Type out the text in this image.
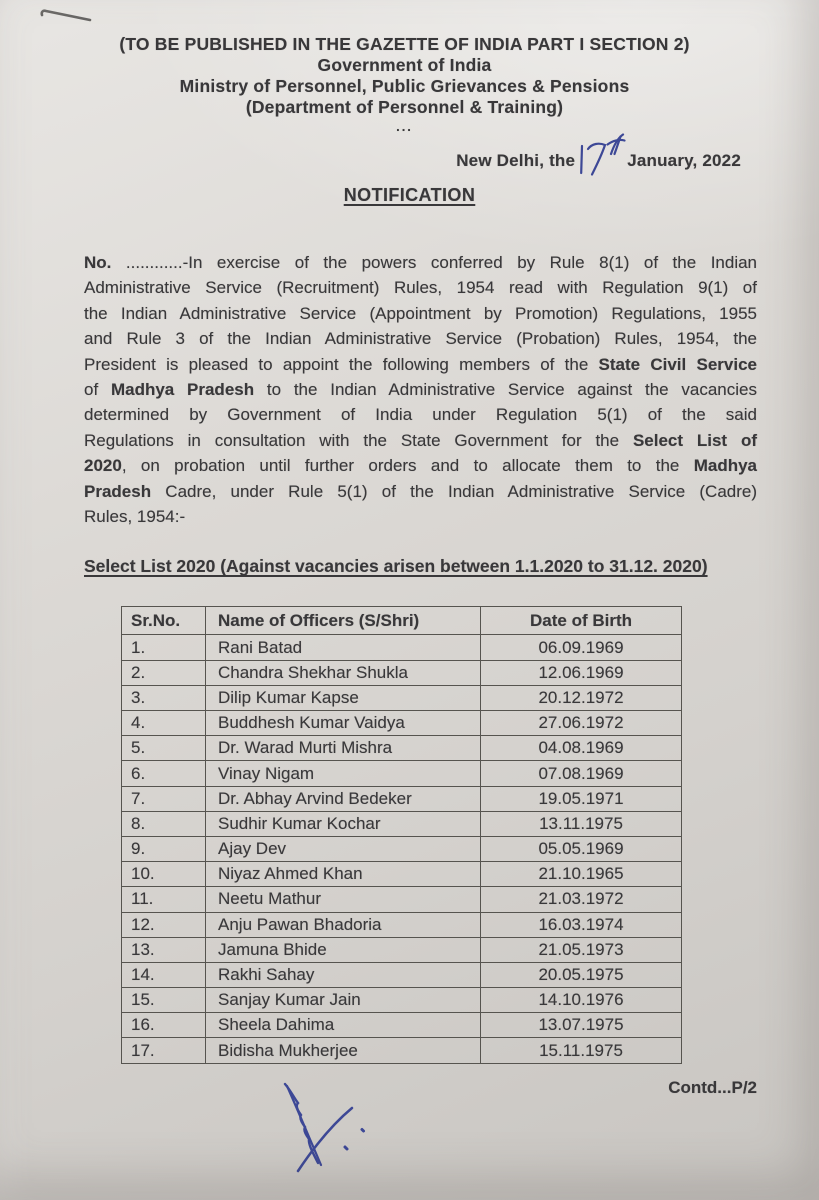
(TO BE PUBLISHED IN THE GAZETTE OF INDIA PART I SECTION 2)
Government of India
Ministry of Personnel, Public Grievances & Pensions
(Department of Personnel & Training)
...
New Delhi, the	January, 2022
NOTIFICATION
No. ............-In exercise of the powers conferred by Rule 8(1) of the Indian
Administrative Service (Recruitment) Rules, 1954 read with Regulation 9(1) of
the Indian Administrative Service (Appointment by Promotion) Regulations, 1955
and Rule 3 of the Indian Administrative Service (Probation) Rules, 1954, the
President is pleased to appoint the following members of the State Civil Service
of Madhya Pradesh to the Indian Administrative Service against the vacancies
determined by Government of India under Regulation 5(1) of the said
Regulations in consultation with the State Government for the Select List of
2020, on probation until further orders and to allocate them to the Madhya
Pradesh Cadre, under Rule 5(1) of the Indian Administrative Service (Cadre)
Rules, 1954:-
Select List 2020 (Against vacancies arisen between 1.1.2020 to 31.12. 2020)
Sr.No.	Name of Officers (S/Shri)	Date of Birth
1.	Rani Batad	06.09.1969
2.	Chandra Shekhar Shukla	12.06.1969
3.	Dilip Kumar Kapse	20.12.1972
4.	Buddhesh Kumar Vaidya	27.06.1972
5.	Dr. Warad Murti Mishra	04.08.1969
6.	Vinay Nigam	07.08.1969
7.	Dr. Abhay Arvind Bedeker	19.05.1971
8.	Sudhir Kumar Kochar	13.11.1975
9.	Ajay Dev	05.05.1969
10.	Niyaz Ahmed Khan	21.10.1965
11.	Neetu Mathur	21.03.1972
12.	Anju Pawan Bhadoria	16.03.1974
13.	Jamuna Bhide	21.05.1973
14.	Rakhi Sahay	20.05.1975
15.	Sanjay Kumar Jain	14.10.1976
16.	Sheela Dahima	13.07.1975
17.	Bidisha Mukherjee	15.11.1975
Contd...P/2
